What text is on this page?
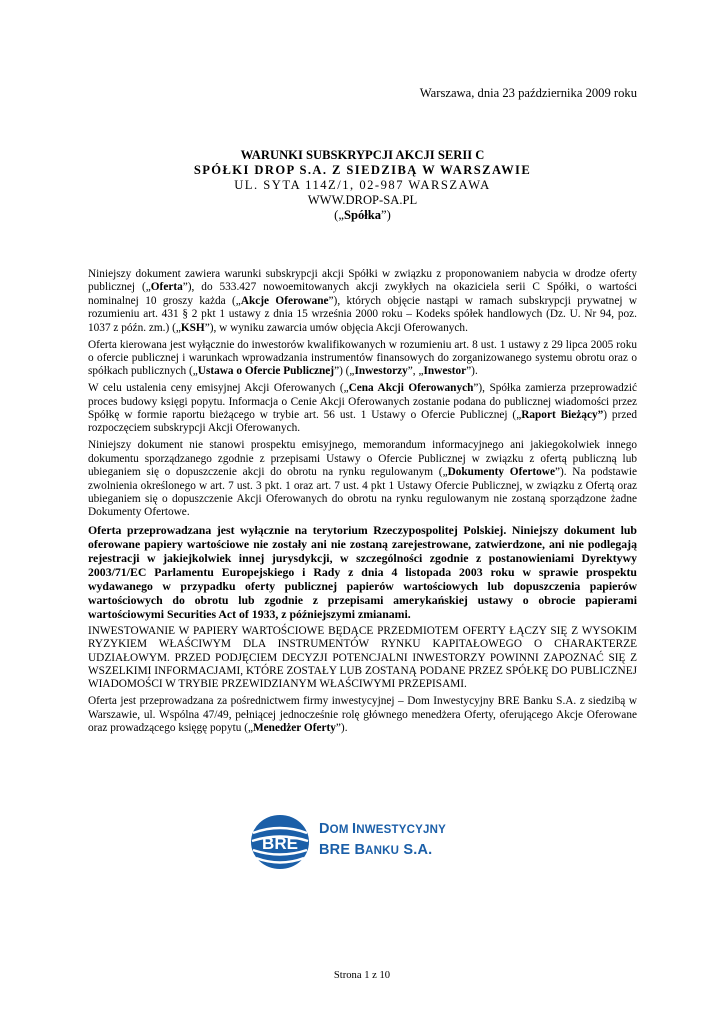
Warszawa, dnia 23 października 2009 roku
WARUNKI SUBSKRYPCJI AKCJI SERII C
SPÓŁKI DROP S.A. Z SIEDZIBĄ W WARSZAWIE
UL. SYTA 114Z/1, 02-987 WARSZAWA
WWW.DROP-SA.PL
(„Spółka”)

Niniejszy dokument zawiera warunki subskrypcji akcji Spółki w związku z proponowaniem nabycia w drodze oferty publicznej („Oferta”), do 533.427 nowoemitowanych akcji zwykłych na okaziciela serii C Spółki, o wartości nominalnej 10 groszy każda („Akcje Oferowane”), których objęcie nastąpi w ramach subskrypcji prywatnej w rozumieniu art. 431 § 2 pkt 1 ustawy z dnia 15 września 2000 roku – Kodeks spółek handlowych (Dz. U. Nr 94, poz. 1037 z późn. zm.) („KSH”), w wyniku zawarcia umów objęcia Akcji Oferowanych.

Oferta kierowana jest wyłącznie do inwestorów kwalifikowanych w rozumieniu art. 8 ust. 1 ustawy z 29 lipca 2005 roku o ofercie publicznej i warunkach wprowadzania instrumentów finansowych do zorganizowanego systemu obrotu oraz o spółkach publicznych („Ustawa o Ofercie Publicznej”) („Inwestorzy”, „Inwestor”).

W celu ustalenia ceny emisyjnej Akcji Oferowanych („Cena Akcji Oferowanych”), Spółka zamierza przeprowadzić proces budowy księgi popytu. Informacja o Cenie Akcji Oferowanych zostanie podana do publicznej wiadomości przez Spółkę w formie raportu bieżącego w trybie art. 56 ust. 1 Ustawy o Ofercie Publicznej („Raport Bieżący”) przed rozpoczęciem subskrypcji Akcji Oferowanych.

Niniejszy dokument nie stanowi prospektu emisyjnego, memorandum informacyjnego ani jakiegokolwiek innego dokumentu sporządzanego zgodnie z przepisami Ustawy o Ofercie Publicznej w związku z ofertą publiczną lub ubieganiem się o dopuszczenie akcji do obrotu na rynku regulowanym („Dokumenty Ofertowe”). Na podstawie zwolnienia określonego w art. 7 ust. 3 pkt. 1 oraz art. 7 ust. 4 pkt 1 Ustawy Ofercie Publicznej, w związku z Ofertą oraz ubieganiem się o dopuszczenie Akcji Oferowanych do obrotu na rynku regulowanym nie zostaną sporządzone żadne Dokumenty Ofertowe.

Oferta przeprowadzana jest wyłącznie na terytorium Rzeczypospolitej Polskiej. Niniejszy dokument lub oferowane papiery wartościowe nie zostały ani nie zostaną zarejestrowane, zatwierdzone, ani nie podlegają rejestracji w jakiejkolwiek innej jurysdykcji, w szczególności zgodnie z postanowieniami Dyrektywy 2003/71/EC Parlamentu Europejskiego i Rady z dnia 4 listopada 2003 roku w sprawie prospektu wydawanego w przypadku oferty publicznej papierów wartościowych lub dopuszczenia papierów wartościowych do obrotu lub zgodnie z przepisami amerykańskiej ustawy o obrocie papierami wartościowymi Securities Act of 1933, z późniejszymi zmianami.

INWESTOWANIE W PAPIERY WARTOŚCIOWE BĘDĄCE PRZEDMIOTEM OFERTY ŁĄCZY SIĘ Z WYSOKIM RYZYKIEM WŁAŚCIWYM DLA INSTRUMENTÓW RYNKU KAPITAŁOWEGO O CHARAKTERZE UDZIAŁOWYM. PRZED PODJĘCIEM DECYZJI POTENCJALNI INWESTORZY POWINNI ZAPOZNAĆ SIĘ Z WSZELKIMI INFORMACJAMI, KTÓRE ZOSTAŁY LUB ZOSTANĄ PODANE PRZEZ SPÓŁKĘ DO PUBLICZNEJ WIADOMOŚCI W TRYBIE PRZEWIDZIANYM WŁAŚCIWYMI PRZEPISAMI.

Oferta jest przeprowadzana za pośrednictwem firmy inwestycyjnej – Dom Inwestycyjny BRE Banku S.A. z siedzibą w Warszawie, ul. Wspólna 47/49, pełniącej jednocześnie rolę głównego menedżera Oferty, oferującego Akcje Oferowane oraz prowadzącego księgę popytu („Menedżer Oferty”).

BRE
DOM INWESTYCYJNY
BRE BANKU S.A.
Strona 1 z 10
